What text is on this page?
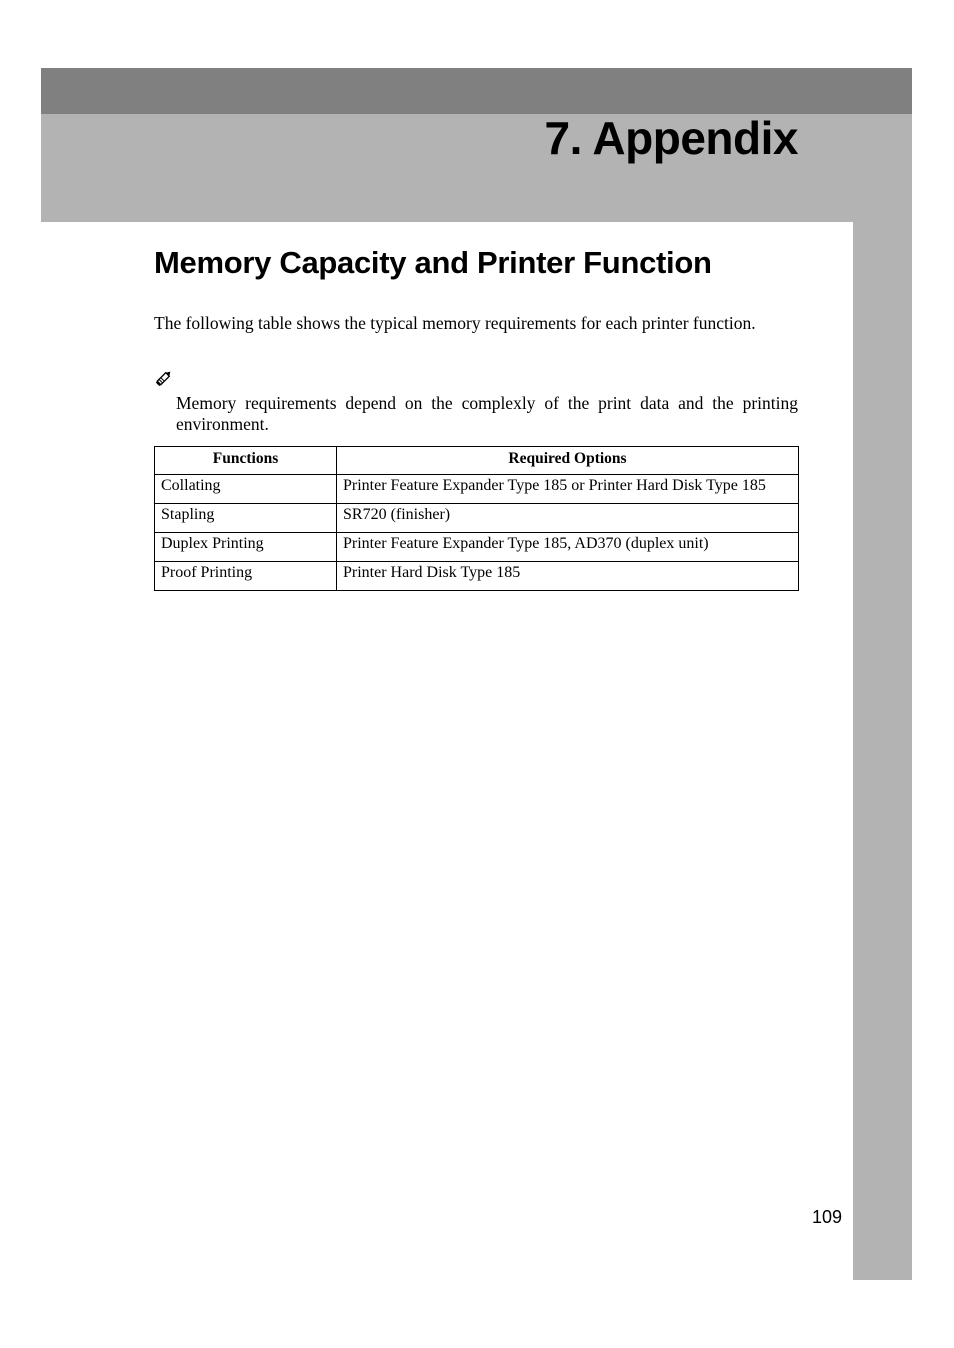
7. Appendix
Memory Capacity and Printer Function

The following table shows the typical memory requirements for each printer function.

Memory requirements depend on the complexly of the print data and the printing environment.

Functions	Required Options
Collating	Printer Feature Expander Type 185 or Printer Hard Disk Type 185
Stapling	SR720 (finisher)
Duplex Printing	Printer Feature Expander Type 185, AD370 (duplex unit)
Proof Printing	Printer Hard Disk Type 185
109
